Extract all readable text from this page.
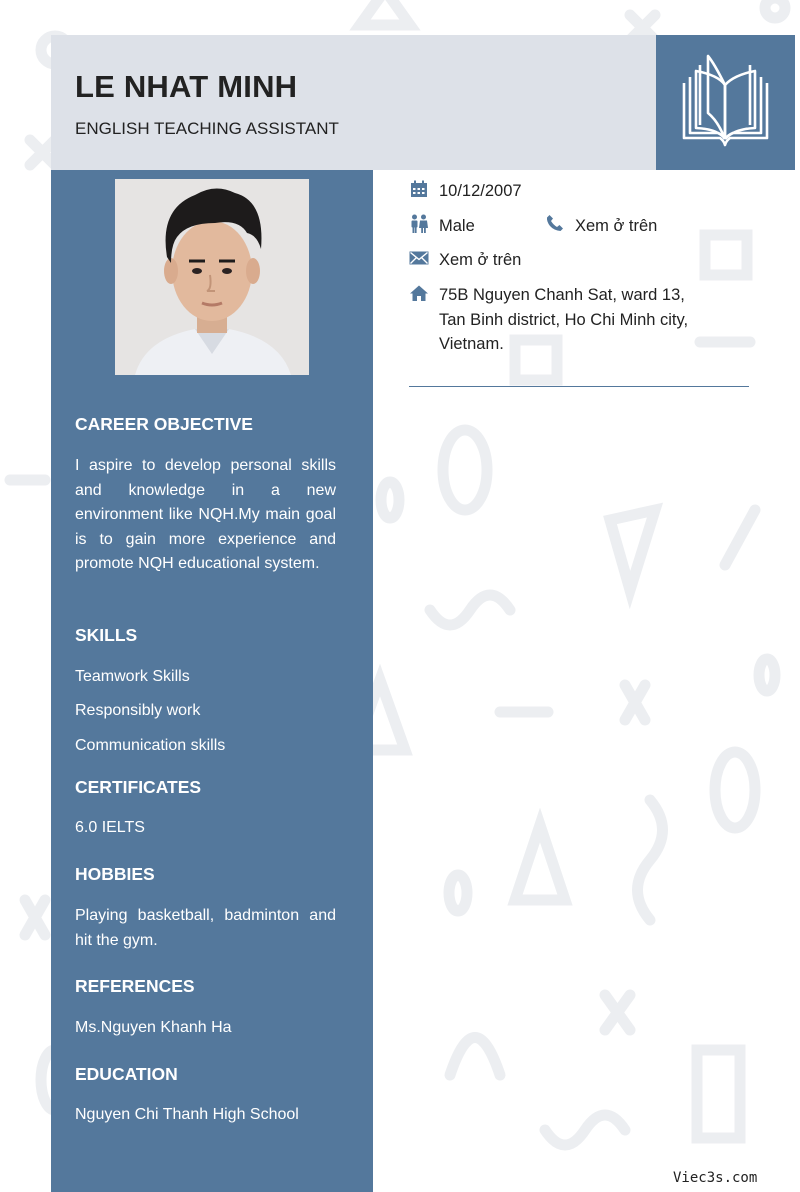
LE NHAT MINH
ENGLISH TEACHING ASSISTANT
CAREER OBJECTIVE
I aspire to develop personal skills and knowledge in a new environment like NQH.My main goal is to gain more experience and promote NQH educational system.
SKILLS
Teamwork Skills
Responsibly work
Communication skills
CERTIFICATES
6.0 IELTS
HOBBIES
Playing basketball, badminton and hit the gym.
REFERENCES
Ms.Nguyen Khanh Ha
EDUCATION
Nguyen Chi Thanh High School
10/12/2007
Male	Xem ở trên
Xem ở trên
75B Nguyen Chanh Sat, ward 13,
Tan Binh district, Ho Chi Minh city,
Vietnam.
Viec3s.com
